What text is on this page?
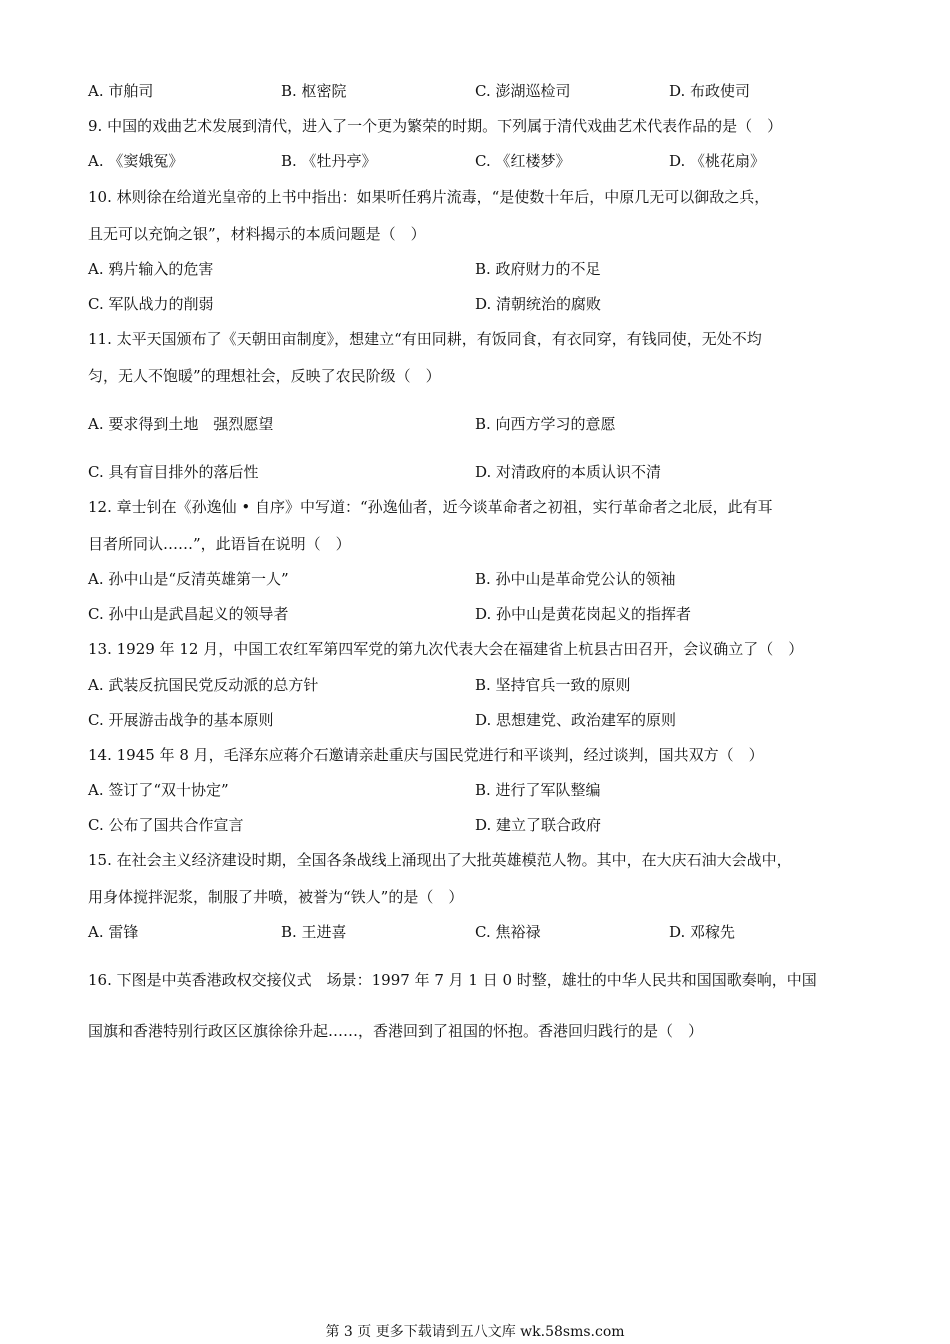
A. 市舶司	B. 枢密院	C. 澎湖巡检司	D. 布政使司
9. 中国的戏曲艺术发展到清代，进入了一个更为繁荣的时期。下列属于清代戏曲艺术代表作品的是（　）
A. 《窦娥冤》	B. 《牡丹亭》	C. 《红楼梦》	D. 《桃花扇》
10. 林则徐在给道光皇帝的上书中指出：如果听任鸦片流毒，“是使数十年后，中原几无可以御敌之兵，
且无可以充饷之银”，材料揭示的本质问题是（　）
A. 鸦片输入的危害	B. 政府财力的不足
C. 军队战力的削弱	D. 清朝统治的腐败
11. 太平天国颁布了《天朝田亩制度》，想建立“有田同耕，有饭同食，有衣同穿，有钱同使，无处不均
匀，无人不饱暖”的理想社会，反映了农民阶级（　）
A. 要求得到土地　强烈愿望	B. 向西方学习的意愿
C. 具有盲目排外的落后性	D. 对清政府的本质认识不清
12. 章士钊在《孙逸仙 • 自序》中写道：“孙逸仙者，近今谈革命者之初祖，实行革命者之北辰，此有耳
目者所同认……”，此语旨在说明（　）
A. 孙中山是“反清英雄第一人”	B. 孙中山是革命党公认的领袖
C. 孙中山是武昌起义的领导者	D. 孙中山是黄花岗起义的指挥者
13. 1929 年 12 月，中国工农红军第四军党的第九次代表大会在福建省上杭县古田召开，会议确立了（　）
A. 武装反抗国民党反动派的总方针	B. 坚持官兵一致的原则
C. 开展游击战争的基本原则	D. 思想建党、政治建军的原则
14. 1945 年 8 月，毛泽东应蒋介石邀请亲赴重庆与国民党进行和平谈判，经过谈判，国共双方（　）
A. 签订了“双十协定”	B. 进行了军队整编
C. 公布了国共合作宣言	D. 建立了联合政府
15. 在社会主义经济建设时期，全国各条战线上涌现出了大批英雄模范人物。其中，在大庆石油大会战中，
用身体搅拌泥浆，制服了井喷，被誉为“铁人”的是（　）
A. 雷锋	B. 王进喜	C. 焦裕禄	D. 邓稼先
16. 下图是中英香港政权交接仪式　场景：1997 年 7 月 1 日 0 时整，雄壮的中华人民共和国国歌奏响，中国
国旗和香港特别行政区区旗徐徐升起……，香港回到了祖国的怀抱。香港回归践行的是（　）
第 3 页 更多下载请到五八文库 wk.58sms.com
